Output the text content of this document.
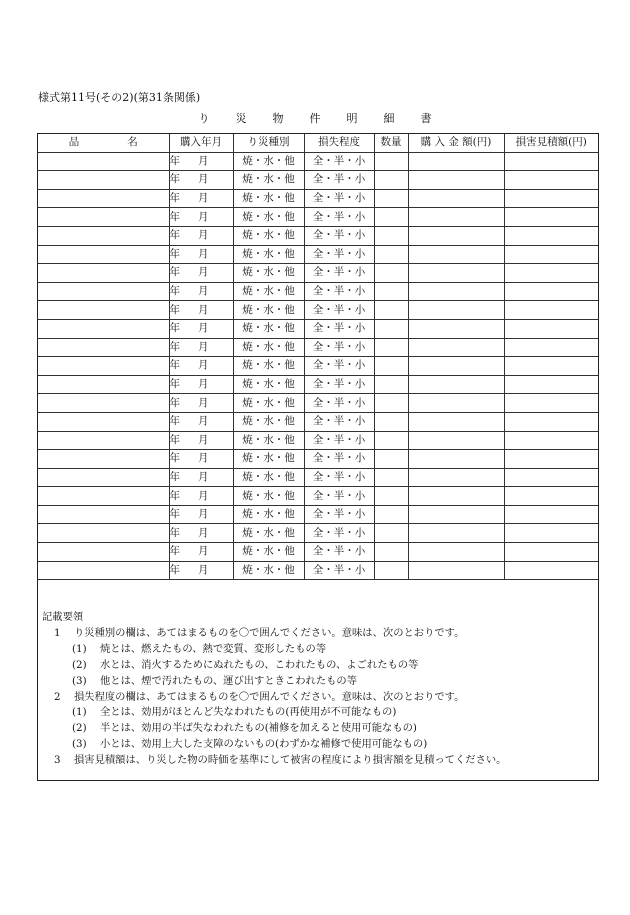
様式第11号(その2)(第31条関係)
り 災 物 件 明 細 書
品 名	購入年月	り災種別	損失程度	数量	購 入 金 額(円)	損害見積額(円)
	年 月	焼・水・他	全・半・小			
	年 月	焼・水・他	全・半・小			
	年 月	焼・水・他	全・半・小			
	年 月	焼・水・他	全・半・小			
	年 月	焼・水・他	全・半・小			
	年 月	焼・水・他	全・半・小			
	年 月	焼・水・他	全・半・小			
	年 月	焼・水・他	全・半・小			
	年 月	焼・水・他	全・半・小			
	年 月	焼・水・他	全・半・小			
	年 月	焼・水・他	全・半・小			
	年 月	焼・水・他	全・半・小			
	年 月	焼・水・他	全・半・小			
	年 月	焼・水・他	全・半・小			
	年 月	焼・水・他	全・半・小			
	年 月	焼・水・他	全・半・小			
	年 月	焼・水・他	全・半・小			
	年 月	焼・水・他	全・半・小			
	年 月	焼・水・他	全・半・小			
	年 月	焼・水・他	全・半・小			
	年 月	焼・水・他	全・半・小			
	年 月	焼・水・他	全・半・小			
	年 月	焼・水・他	全・半・小			
記載要領
1 り災種別の欄は、あてはまるものを〇で囲んでください。意味は、次のとおりです。
(1) 焼とは、燃えたもの、熱で変質、変形したもの等
(2) 水とは、消火するためにぬれたもの、こわれたもの、よごれたもの等
(3) 他とは、煙で汚れたもの、運び出すときこわれたもの等
2 損失程度の欄は、あてはまるものを〇で囲んでください。意味は、次のとおりです。
(1) 全とは、効用がほとんど失なわれたもの(再使用が不可能なもの)
(2) 半とは、効用の半ば失なわれたもの(補修を加えると使用可能なもの)
(3) 小とは、効用上大した支障のないもの(わずかな補修で使用可能なもの)
3 損害見積額は、り災した物の時価を基準にして被害の程度により損害額を見積ってください。
